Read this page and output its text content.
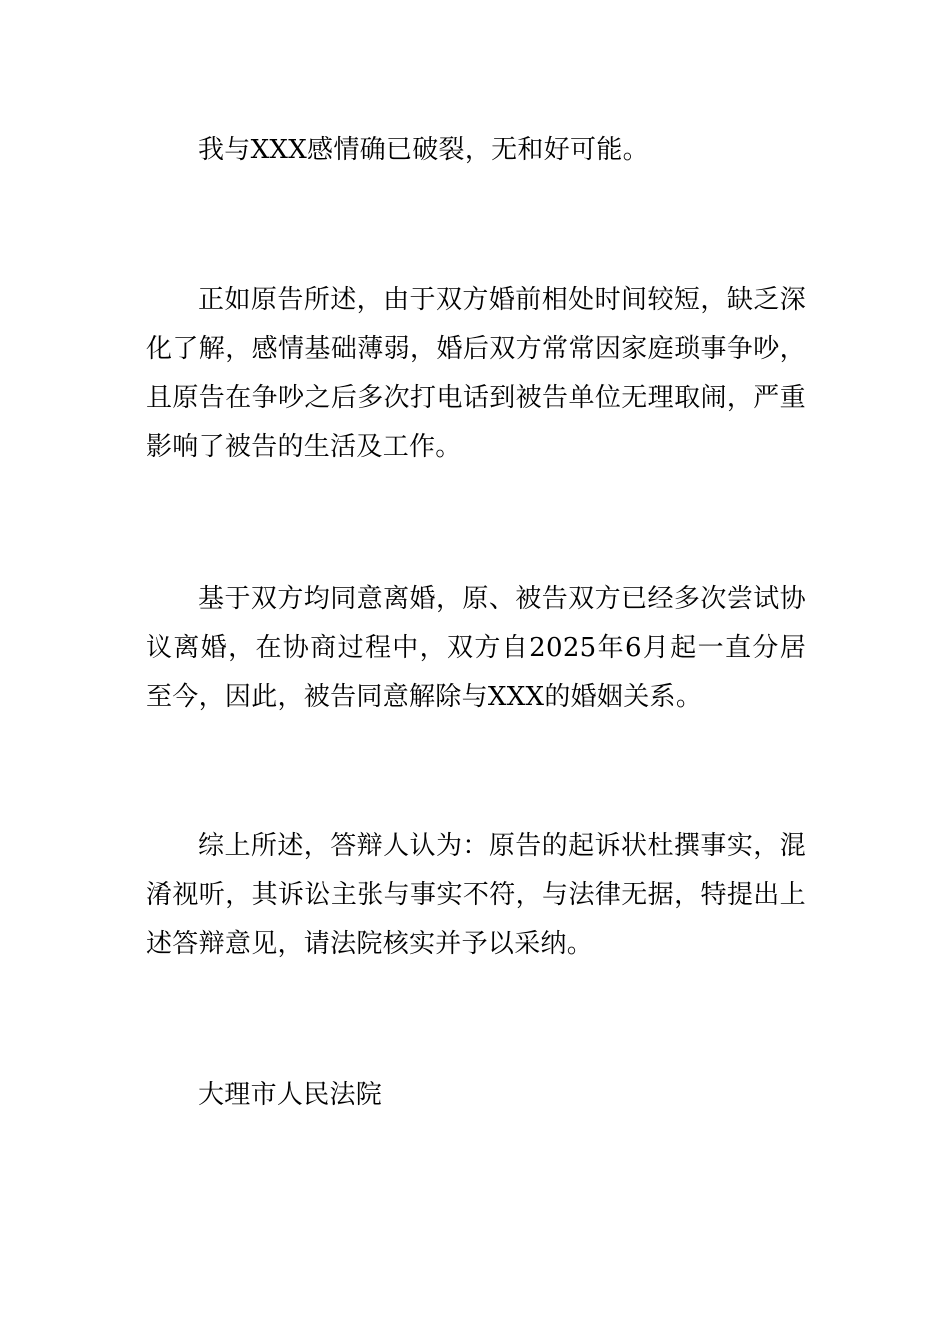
我与XXX感情确已破裂，无和好可能。

正如原告所述，由于双方婚前相处时间较短，缺乏深化了解，感情基础薄弱，婚后双方常常因家庭琐事争吵，且原告在争吵之后多次打电话到被告单位无理取闹，严重影响了被告的生活及工作。

基于双方均同意离婚，原、被告双方已经多次尝试协议离婚，在协商过程中，双方自2025年6月起一直分居至今，因此，被告同意解除与XXX的婚姻关系。

综上所述，答辩人认为：原告的起诉状杜撰事实，混淆视听，其诉讼主张与事实不符，与法律无据，特提出上述答辩意见，请法院核实并予以采纳。

大理市人民法院
